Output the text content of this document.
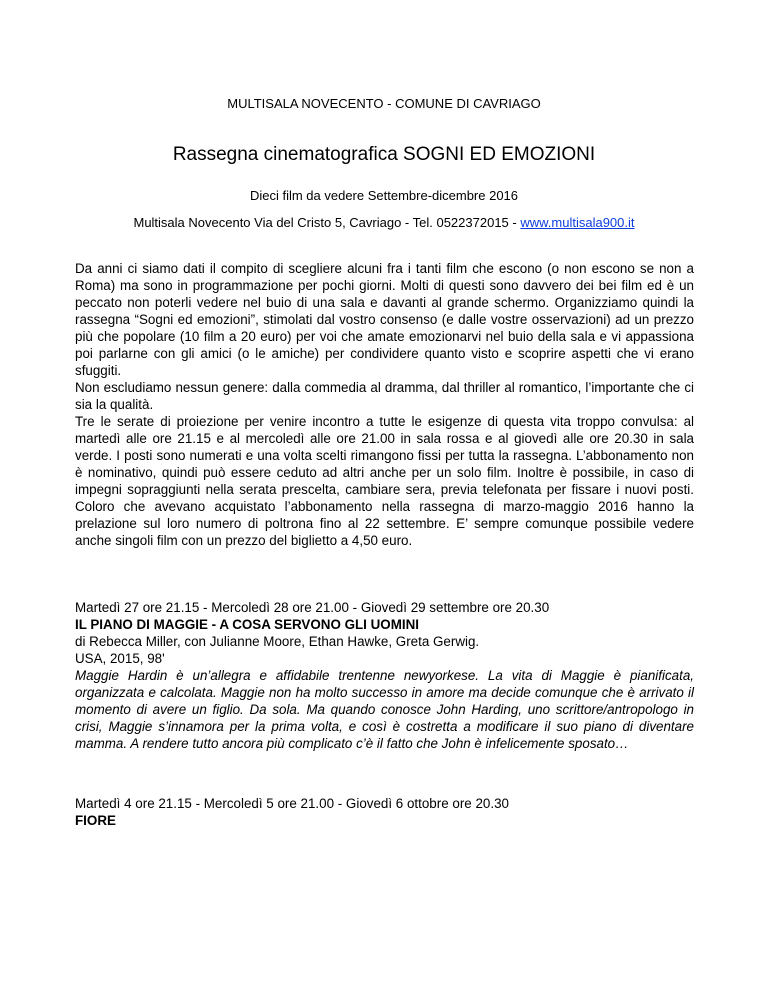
MULTISALA NOVECENTO - COMUNE DI CAVRIAGO
Rassegna cinematografica SOGNI ED EMOZIONI
Dieci film da vedere Settembre-dicembre 2016
Multisala Novecento Via del Cristo 5, Cavriago - Tel. 0522372015 - www.multisala900.it

Da anni ci siamo dati il compito di scegliere alcuni fra i tanti film che escono (o non escono se non a Roma) ma sono in programmazione per pochi giorni. Molti di questi sono davvero dei bei film ed è un peccato non poterli vedere nel buio di una sala e davanti al grande schermo. Organizziamo quindi la rassegna “Sogni ed emozioni”, stimolati dal vostro consenso (e dalle vostre osservazioni) ad un prezzo più che popolare (10 film a 20 euro) per voi che amate emozionarvi nel buio della sala e vi appassiona poi parlarne con gli amici (o le amiche) per condividere quanto visto e scoprire aspetti che vi erano sfuggiti.

Non escludiamo nessun genere: dalla commedia al dramma, dal thriller al romantico, l’importante che ci sia la qualità.

Tre le serate di proiezione per venire incontro a tutte le esigenze di questa vita troppo convulsa: al martedì alle ore 21.15 e al mercoledì alle ore 21.00 in sala rossa e al giovedì alle ore 20.30 in sala verde. I posti sono numerati e una volta scelti rimangono fissi per tutta la rassegna. L’abbonamento non è nominativo, quindi può essere ceduto ad altri anche per un solo film. Inoltre è possibile, in caso di impegni sopraggiunti nella serata prescelta, cambiare sera, previa telefonata per fissare i nuovi posti. Coloro che avevano acquistato l’abbonamento nella rassegna di marzo-maggio 2016 hanno la prelazione sul loro numero di poltrona fino al 22 settembre. E’ sempre comunque possibile vedere anche singoli film con un prezzo del biglietto a 4,50 euro.

Martedì 27 ore 21.15 - Mercoledì 28 ore 21.00 - Giovedì 29 settembre ore 20.30

IL PIANO DI MAGGIE - A COSA SERVONO GLI UOMINI

di Rebecca Miller, con Julianne Moore, Ethan Hawke, Greta Gerwig.

USA, 2015, 98'

Maggie Hardin è un’allegra e affidabile trentenne newyorkese. La vita di Maggie è pianificata, organizzata e calcolata. Maggie non ha molto successo in amore ma decide comunque che è arrivato il momento di avere un figlio. Da sola. Ma quando conosce John Harding, uno scrittore/antropologo in crisi, Maggie s’innamora per la prima volta, e così è costretta a modificare il suo piano di diventare mamma. A rendere tutto ancora più complicato c’è il fatto che John è infelicemente sposato…

Martedì 4 ore 21.15 - Mercoledì 5 ore 21.00 - Giovedì 6 ottobre ore 20.30

FIORE
